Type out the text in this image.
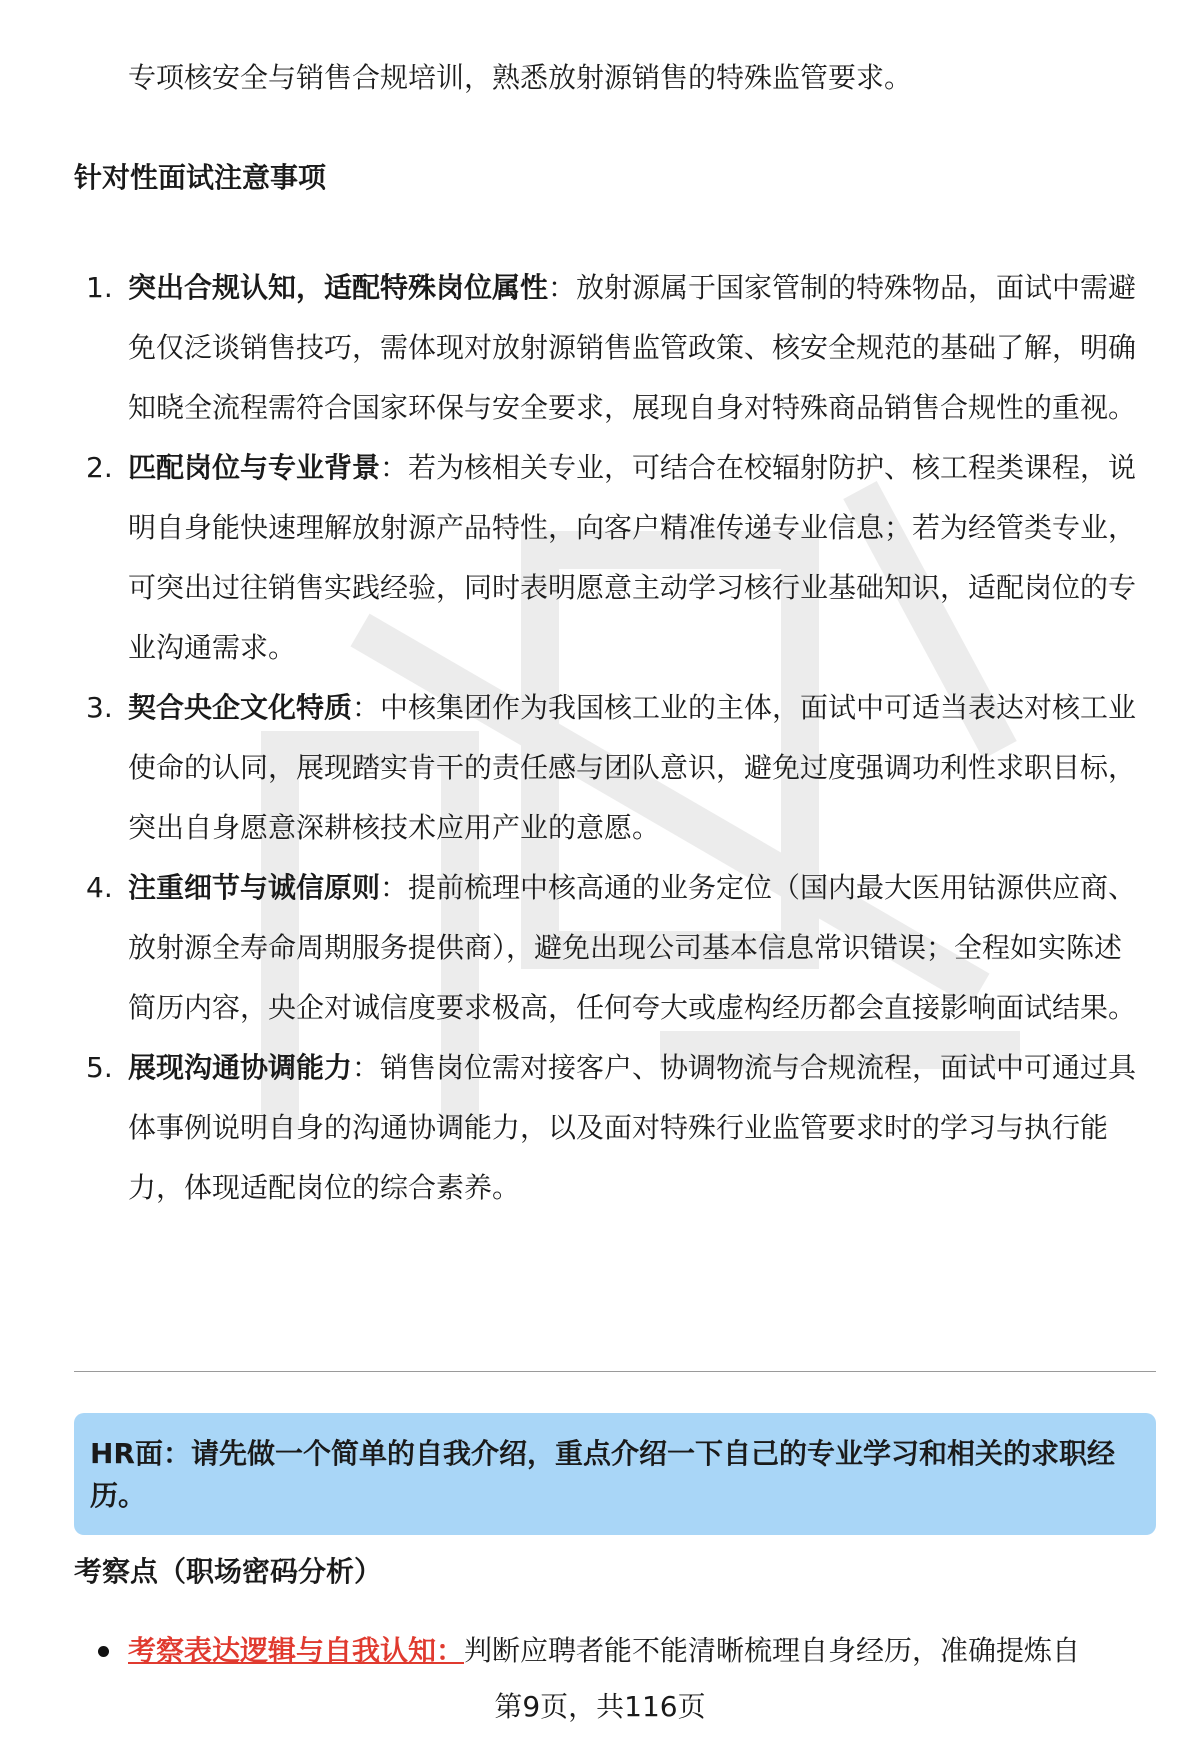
专项核安全与销售合规培训，熟悉放射源销售的特殊监管要求。

针对性面试注意事项
1. 突出合规认知，适配特殊岗位属性：放射源属于国家管制的特殊物品，面试中需避免仅泛谈销售技巧，需体现对放射源销售监管政策、核安全规范的基础了解，明确知晓全流程需符合国家环保与安全要求，展现自身对特殊商品销售合规性的重视。
2. 匹配岗位与专业背景：若为核相关专业，可结合在校辐射防护、核工程类课程，说明自身能快速理解放射源产品特性，向客户精准传递专业信息；若为经管类专业，可突出过往销售实践经验，同时表明愿意主动学习核行业基础知识，适配岗位的专业沟通需求。
3. 契合央企文化特质：中核集团作为我国核工业的主体，面试中可适当表达对核工业使命的认同，展现踏实肯干的责任感与团队意识，避免过度强调功利性求职目标，突出自身愿意深耕核技术应用产业的意愿。
4. 注重细节与诚信原则：提前梳理中核高通的业务定位（国内最大医用钴源供应商、放射源全寿命周期服务提供商），避免出现公司基本信息常识错误；全程如实陈述简历内容，央企对诚信度要求极高，任何夸大或虚构经历都会直接影响面试结果。
5. 展现沟通协调能力：销售岗位需对接客户、协调物流与合规流程，面试中可通过具体事例说明自身的沟通协调能力，以及面对特殊行业监管要求时的学习与执行能力，体现适配岗位的综合素养。

HR面：请先做一个简单的自我介绍，重点介绍一下自己的专业学习和相关的求职经历。

考察点（职场密码分析）
考察表达逻辑与自我认知：判断应聘者能不能清晰梳理自身经历，准确提炼自

第9页，共116页
